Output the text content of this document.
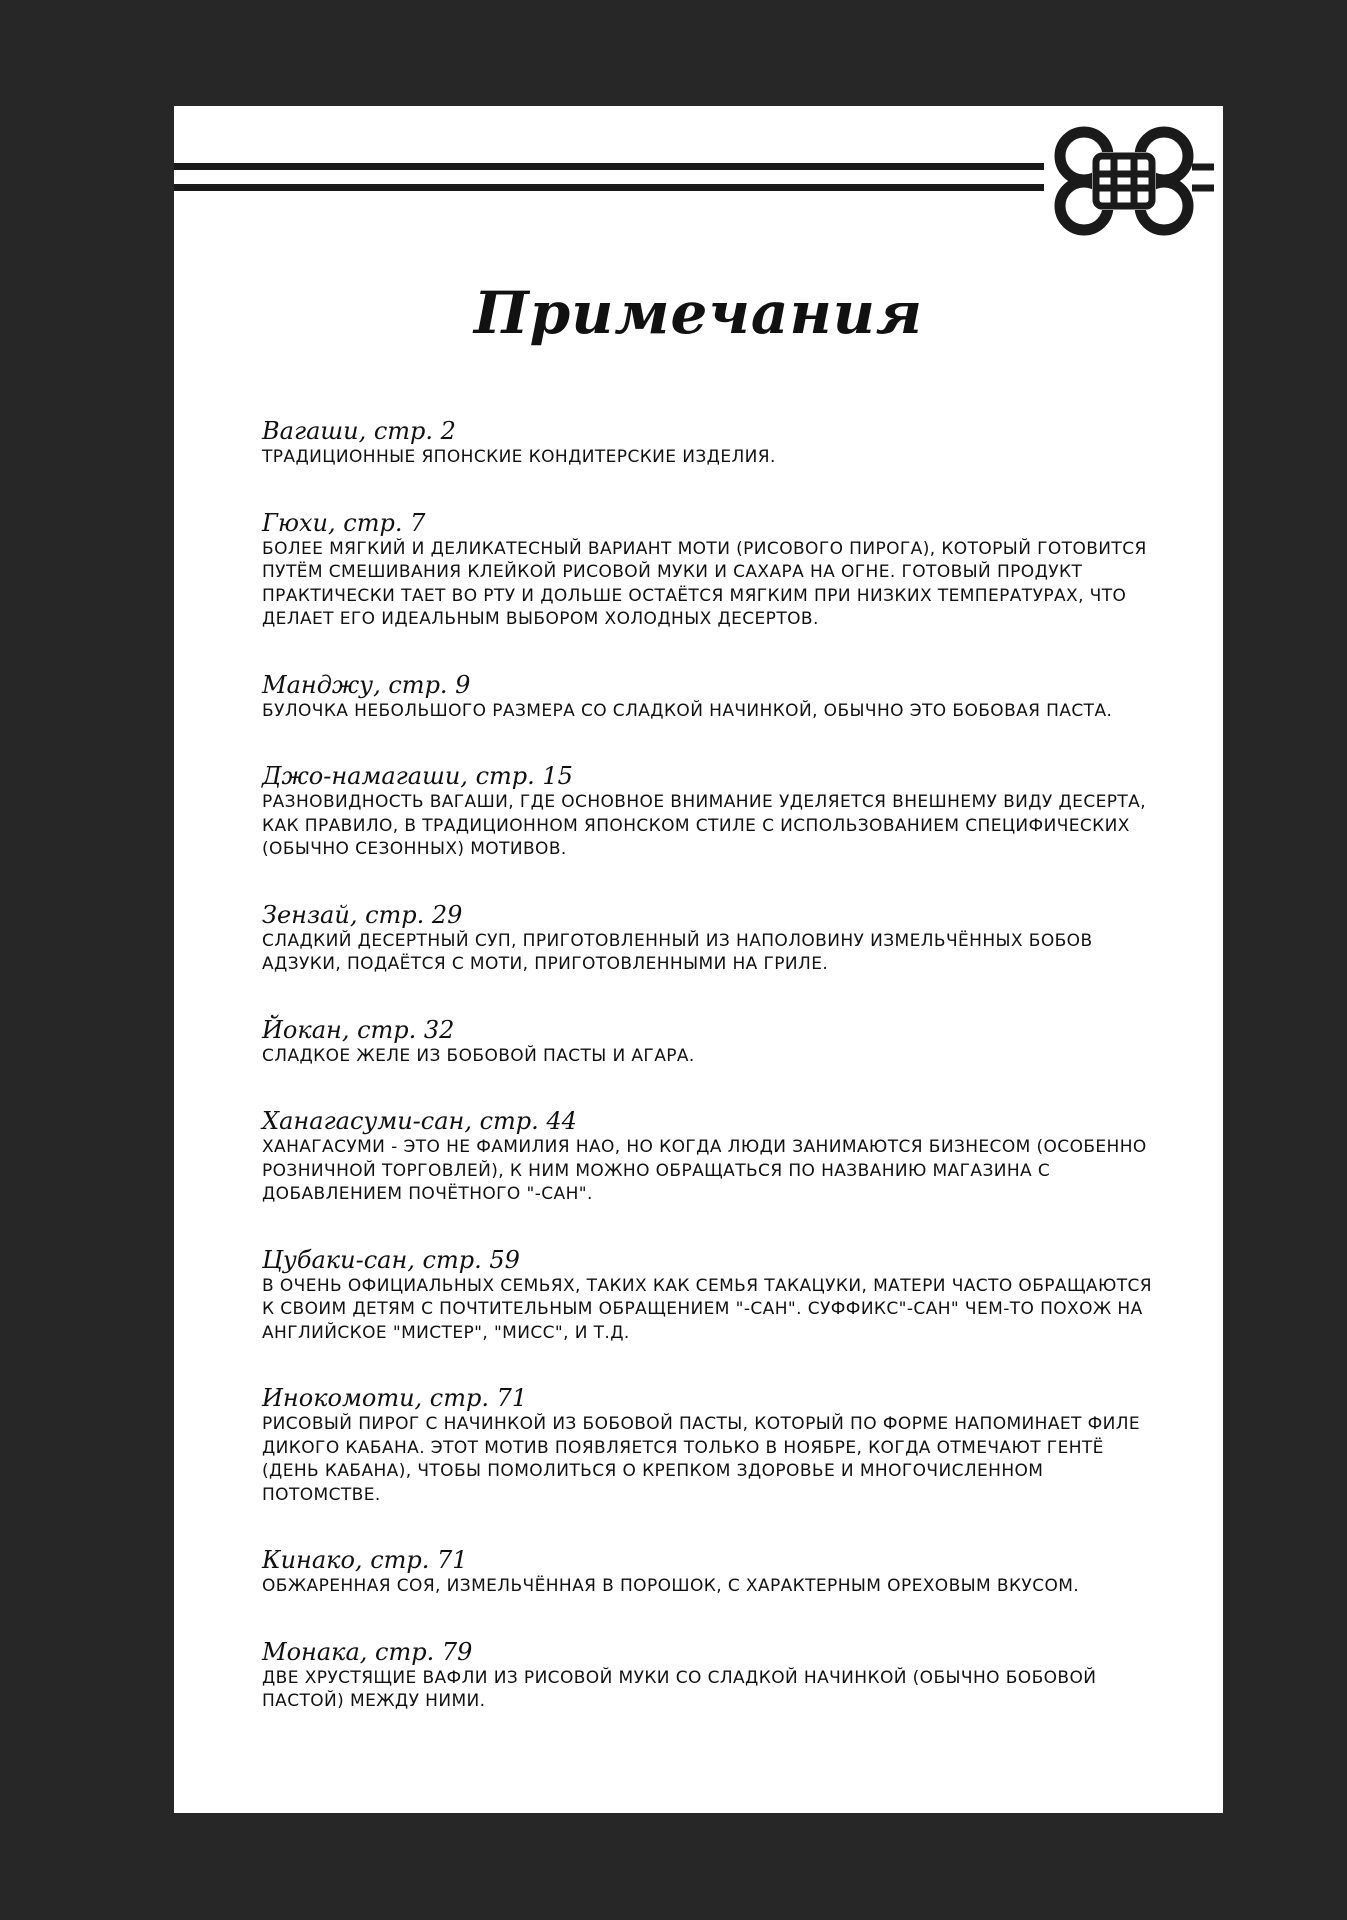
Примечания
Вагаши, стр. 2
ТРАДИЦИОННЫЕ ЯПОНСКИЕ КОНДИТЕРСКИЕ ИЗДЕЛИЯ.
Гюхи, стр. 7
БОЛЕЕ МЯГКИЙ И ДЕЛИКАТЕСНЫЙ ВАРИАНТ МОТИ (РИСОВОГО ПИРОГА), КОТОРЫЙ ГОТОВИТСЯ ПУТЁМ СМЕШИВАНИЯ КЛЕЙКОЙ РИСОВОЙ МУКИ И САХАРА НА ОГНЕ. ГОТОВЫЙ ПРОДУКТ ПРАКТИЧЕСКИ ТАЕТ ВО РТУ И ДОЛЬШЕ ОСТАЁТСЯ МЯГКИМ ПРИ НИЗКИХ ТЕМПЕРАТУРАХ, ЧТО ДЕЛАЕТ ЕГО ИДЕАЛЬНЫМ ВЫБОРОМ ХОЛОДНЫХ ДЕСЕРТОВ.
Манджу, стр. 9
БУЛОЧКА НЕБОЛЬШОГО РАЗМЕРА СО СЛАДКОЙ НАЧИНКОЙ, ОБЫЧНО ЭТО БОБОВАЯ ПАСТА.
Джо-намагаши, стр. 15
РАЗНОВИДНОСТЬ ВАГАШИ, ГДЕ ОСНОВНОЕ ВНИМАНИЕ УДЕЛЯЕТСЯ ВНЕШНЕМУ ВИДУ ДЕСЕРТА, КАК ПРАВИЛО, В ТРАДИЦИОННОМ ЯПОНСКОМ СТИЛЕ С ИСПОЛЬЗОВАНИЕМ СПЕЦИФИЧЕСКИХ (ОБЫЧНО СЕЗОННЫХ) МОТИВОВ.
Зензай, стр. 29
СЛАДКИЙ ДЕСЕРТНЫЙ СУП, ПРИГОТОВЛЕННЫЙ ИЗ НАПОЛОВИНУ ИЗМЕЛЬЧЁННЫХ БОБОВ АДЗУКИ, ПОДАЁТСЯ С МОТИ, ПРИГОТОВЛЕННЫМИ НА ГРИЛЕ.
Йокан, стр. 32
СЛАДКОЕ ЖЕЛЕ ИЗ БОБОВОЙ ПАСТЫ И АГАРА.
Ханагасуми-сан, стр. 44
ХАНАГАСУМИ - ЭТО НЕ ФАМИЛИЯ НАО, НО КОГДА ЛЮДИ ЗАНИМАЮТСЯ БИЗНЕСОМ (ОСОБЕННО РОЗНИЧНОЙ ТОРГОВЛЕЙ), К НИМ МОЖНО ОБРАЩАТЬСЯ ПО НАЗВАНИЮ МАГАЗИНА С ДОБАВЛЕНИЕМ ПОЧЁТНОГО "-САН".
Цубаки-сан, стр. 59
В ОЧЕНЬ ОФИЦИАЛЬНЫХ СЕМЬЯХ, ТАКИХ КАК СЕМЬЯ ТАКАЦУКИ, МАТЕРИ ЧАСТО ОБРАЩАЮТСЯ К СВОИМ ДЕТЯМ С ПОЧТИТЕЛЬНЫМ ОБРАЩЕНИЕМ "-САН". СУФФИКС"-САН" ЧЕМ-ТО ПОХОЖ НА АНГЛИЙСКОЕ "МИСТЕР", "МИСС", И Т.Д.
Инокомоти, стр. 71
РИСОВЫЙ ПИРОГ С НАЧИНКОЙ ИЗ БОБОВОЙ ПАСТЫ, КОТОРЫЙ ПО ФОРМЕ НАПОМИНАЕТ ФИЛЕ ДИКОГО КАБАНА. ЭТОТ МОТИВ ПОЯВЛЯЕТСЯ ТОЛЬКО В НОЯБРЕ, КОГДА ОТМЕЧАЮТ ГЕНТЁ (ДЕНЬ КАБАНА), ЧТОБЫ ПОМОЛИТЬСЯ О КРЕПКОМ ЗДОРОВЬЕ И МНОГОЧИСЛЕННОМ ПОТОМСТВЕ.
Кинако, стр. 71
ОБЖАРЕННАЯ СОЯ, ИЗМЕЛЬЧЁННАЯ В ПОРОШОК, С ХАРАКТЕРНЫМ ОРЕХОВЫМ ВКУСОМ.
Монака, стр. 79
ДВЕ ХРУСТЯЩИЕ ВАФЛИ ИЗ РИСОВОЙ МУКИ СО СЛАДКОЙ НАЧИНКОЙ (ОБЫЧНО БОБОВОЙ ПАСТОЙ) МЕЖДУ НИМИ.
